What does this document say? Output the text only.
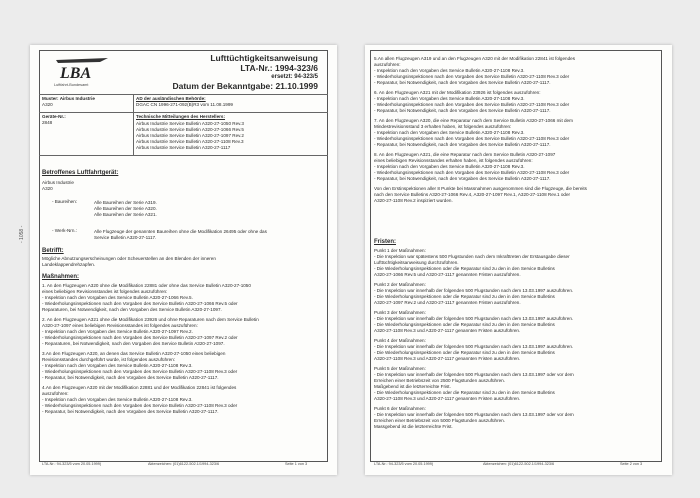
- 1058 -
LBA
Luftfahrt-Bundesamt
Lufttüchtigkeitsanweisung
LTA-Nr.: 1994-323/6
ersetzt: 94-323/5
Datum der Bekanntgabe: 21.10.1999
Muster: Airbus Industrie
A320
Geräte-Nr.:
2848
AD der ausländischen Behörde:
DGAC CN 1996-271-092(B)R3 vom 11.08.1999
Technische Mitteilungen des Herstellers:
Airbus Industrie Service Bulletin A320-27-1050 Rev.3
Airbus Industrie Service Bulletin A320-27-1066 Rev.5
Airbus Industrie Service Bulletin A320-27-1097 Rev.2
Airbus Industrie Service Bulletin A320-27-1108 Rev.3
Airbus Industrie Service Bulletin A320-27-1117
Betroffenes Luftfahrtgerät:
Airbus Industrie
A320
- Baureihen:	Alle Baureihen der Serie A319.
Alle Baureihen der Serie A320.
Alle Baureihen der Serie A321.
- Werk-Nrn.:	Alle Flugzeuge der genannten Baureihen ohne die Modifikation 26495 oder ohne das
Service Bulletin A320-27-1117.
Betrifft:
Mögliche Abnutzungserscheinungen oder Scheuerstellen an den Blenden der inneren
Landeklappendrehzapfen.
Maßnahmen:
1. An den Flugzeugen A320 ohne die Modifikation 22881 oder ohne das Service Bulletin A320-27-1050
eines beliebigen Revisionsstandes ist folgendes auszuführen:
- Inspektion nach den Vorgaben des Service Bulletin A320-27-1066 Rev.5.
- Wiederholungsinspektionen nach den Vorgaben des Service Bulletin A320-27-1066 Rev.5 oder
Reparaturen, bei Notwendigkeit, nach den Vorgaben des Service Bulletin A320-27-1097.
2. An den Flugzeugen A321 ohne die Modifikation 23926 und ohne Reparaturen nach dem Service Bulletin
A320-27-1097 eines beliebigen Revisionsstandes ist folgendes auszuführen:
- Inspektion nach den Vorgaben des Service Bulletin A320-27-1097 Rev.2.
- Wiederholungsinspektionen nach den Vorgaben des Service Bulletin A320-27-1097 Rev.2 oder
- Reparaturen, bei Notwendigkeit, nach den Vorgaben des Service Bulletin A320-27-1097.
3.An den Flugzeugen A320, an denen das Service Bulletin A320-27-1050 eines beliebigen
Revisionsstandes durchgeführt wurde, ist folgendes auszuführen:
- Inspektion nach den Vorgaben des Service Bulletin A320-27-1108 Rev.3.
- Wiederholungsinspektionen nach den Vorgaben des Service Bulletin A320-27-1108 Rev.3 oder
- Reparatur, bei Notwendigkeit, nach den Vorgaben des Service Bulletin A320-27-1117.
4.An den Flugzeugen A320 mit der Modifikation 22881 und der Modifikation 22841 ist folgendes
auszuführen:
- Inspektion nach den Vorgaben des Service Bulletin A320-27-1108 Rev.3.
- Wiederholungsinspektionen nach den Vorgaben des Service Bulletin A320-27-1108 Rev.3 oder
- Reparatur, bei Notwendigkeit, nach den Vorgaben des Service Bulletin A320-27-1117.
LTA-Nr.: 94-323/5 vom 20.05.1999)	Aktenzeichen: (01)6122-502.1/1994-323/6	Seite 1 von 3
5.An allen Flugzeugen A319 und an den Flugzeugen A320 mit der Modifikation 22841 ist folgendes
auszuführen:
- Inspektion nach den Vorgaben des Service Bulletin A320-27-1108 Rev.3.
- Wiederholungsinspektionen nach den Vorgaben des Service Bulletin A320-27-1108 Rev.3 oder
- Reparatur, bei Notwendigkeit, nach den Vorgaben des Service Bulletin A320-27-1117.
6. An den Flugzeugen A321 mit der Modifikation 23926 ist folgendes auszuführen:
- Inspektion nach den Vorgaben des Service Bulletin A320-27-1108 Rev.3.
- Wiederholungsinspektionen nach den Vorgaben des Service Bulletin A320-27-1108 Rev.3 oder
- Reparatur, bei Notwendigkeit, nach den Vorgaben des Service Bulletin A320-27-1117.
7. An den Flugzeugen A320, die eine Reparatur nach dem Service Bulletin A320-27-1066 mit dem
Mindestrevisionsstand 3 erhalten haben, ist folgendes auszuführen:
- Inspektion nach den Vorgaben des Service Bulletin A320-27-1108 Rev.3.
- Wiederholungsinspektionen nach den Vorgaben des Service Bulletin A320-27-1108 Rev.3 oder
- Reparatur, bei Notwendigkeit, nach den Vorgaben des Service Bulletin A320-27-1117.
8. An den Flugzeugen A321, die eine Reparatur nach dem Service Bulletin A320-27-1097
eines beliebigen Revisionsstandes erhalten haben, ist folgendes auszuführen:
- Inspektion nach den Vorgaben des Service Bulletin A320-27-1108 Rev.3.
- Wiederholungsinspektionen nach den Vorgaben des Service Bulletin A320-27-1108 Rev.3 oder
- Reparatur, bei Notwendigkeit, nach den Vorgaben des Service Bulletin A320-27-1117.
Von den Erstinspektionen aller 8 Punkte bei Massnahmen ausgenommen sind die Flugzeuge, die bereits
nach den Service Bulletins A320-27-1066 Rev.4, A320-27-1097 Rev.1, A320-27-1108 Rev.1 oder
A320-27-1108 Rev.2 inspiziert wurden.
Fristen:
Punkt 1 der Maßnahmen:
- Die Inspektion war spätestens 500 Flugstunden nach dem Inkrafttreten der Erstausgabe dieser
Lufttüchtigkeitsanweisung durchzuführen.
- Die Wiederholungsinspektionen oder die Reparatur sind zu den in den Service Bulletins
A320-27-1066 Rev.5 und A320-27-1117 genannten Fristen auszuführen.
Punkt 2 der Maßnahmen:
- Die Inspektion war innerhalb der folgenden 500 Flugstunden nach dem 13.03.1997 auszuführen.
- Die Wiederholungsinspektionen oder die Reparatur sind zu den in den Service Bulletins
A320-27-1097 Rev.2 und A320-27-1117 genannten Fristen auszuführen.
Punkt 3 der Maßnahmen:
- Die Inspektion war innerhalb der folgenden 500 Flugstunden nach dem 13.03.1997 auszuführen.
- Die Wiederholungsinspektionen oder die Reparatur sind zu den in den Service Bulletins
A320-27-1108 Rev.3 und A320-27-1117 genannten Fristen auszuführen.
Punkt 4 der Maßnahmen:
- Die Inspektion war innerhalb der folgenden 500 Flugstunden nach dem 13.03.1997 auszuführen.
- Die Wiederholungsinspektionen oder die Reparatur sind zu den in den Service Bulletins
A320-27-1108 Rev.3 und A320-27-1117 genannten Fristen auszuführen.
Punkt 5 der Maßnahmen:
- Die Inspektion war innerhalb der folgenden 500 Flugstunden nach dem 13.03.1997 oder vor dem
Erreichen einer Betriebszeit von 2500 Flugstunden auszuführen.
Maßgebend ist die letzterreichte Frist.
- Die Wiederholungsinspektionen oder die Reparatur sind zu den in den Service Bulletins
A320-27-1108 Rev.3 und A320-27-1117 genannten Fristen auszuführen.
Punkt 6 der Maßnahmen:
- Die Inspektion war innerhalb der folgenden 500 Flugstunden nach dem 13.03.1997 oder vor dem
Erreichen einer Betriebszeit von 5000 Flugstunden auszuführen.
Massgebend ist die letzterreichte Frist.
LTA-Nr.: 94-323/5 vom 20.05.1999)	Aktenzeichen: (01)6122-502.1/1994-323/6	Seite 2 von 3
